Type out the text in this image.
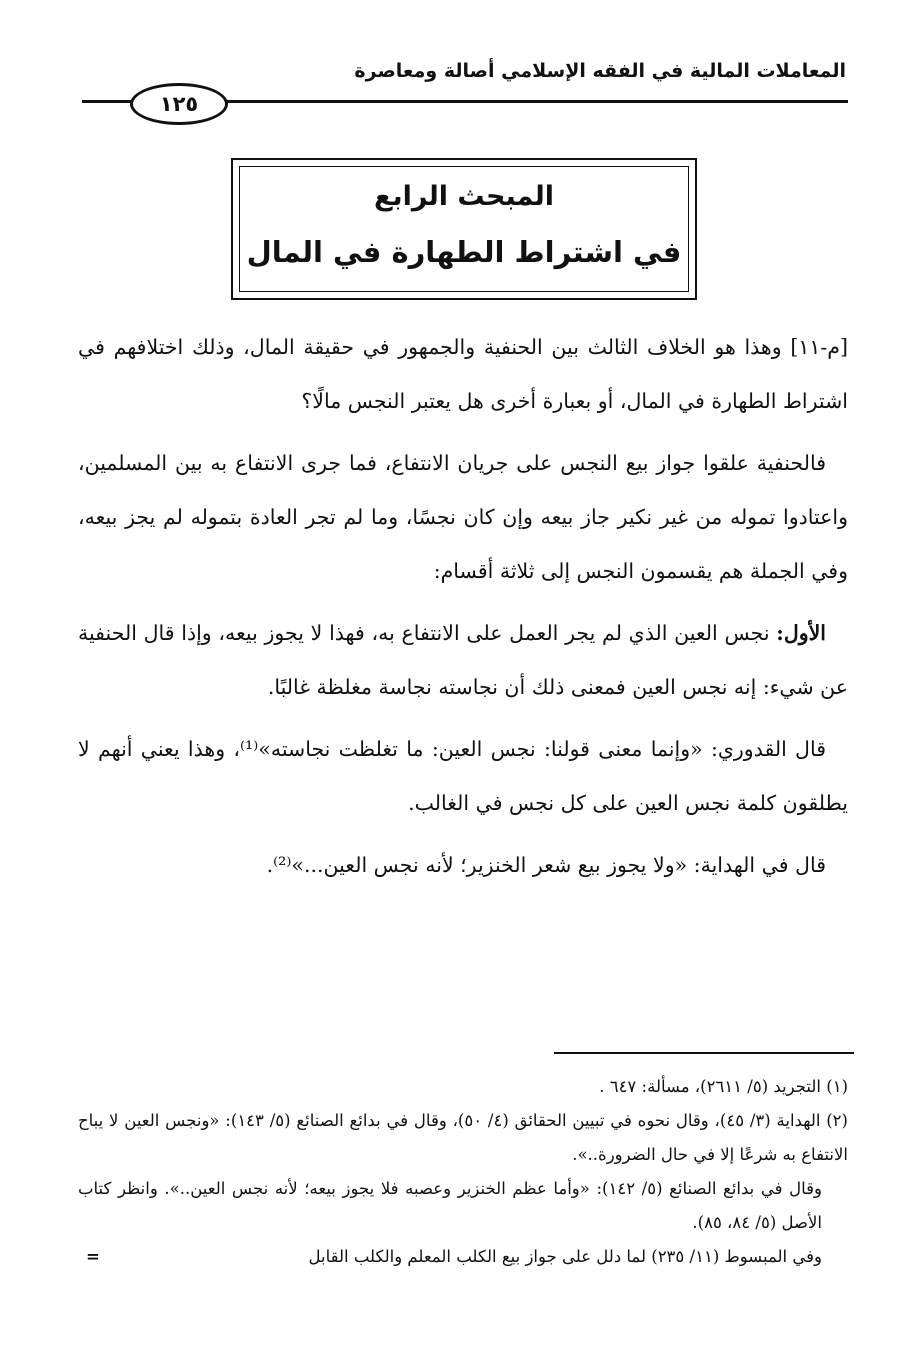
المعاملات المالية في الفقه الإسلامي أصالة ومعاصرة
١٢٥
المبحث الرابع
في اشتراط الطهارة في المال

[م-١١] وهذا هو الخلاف الثالث بين الحنفية والجمهور في حقيقة المال، وذلك اختلافهم في اشتراط الطهارة في المال، أو بعبارة أخرى هل يعتبر النجس مالًا؟

فالحنفية علقوا جواز بيع النجس على جريان الانتفاع، فما جرى الانتفاع به بين المسلمين، واعتادوا تموله من غير نكير جاز بيعه وإن كان نجسًا، وما لم تجر العادة بتموله لم يجز بيعه، وفي الجملة هم يقسمون النجس إلى ثلاثة أقسام:

الأول: نجس العين الذي لم يجر العمل على الانتفاع به، فهذا لا يجوز بيعه، وإذا قال الحنفية عن شيء: إنه نجس العين فمعنى ذلك أن نجاسته نجاسة مغلظة غالبًا.

قال القدوري: «وإنما معنى قولنا: نجس العين: ما تغلظت نجاسته»⁽¹⁾، وهذا يعني أنهم لا يطلقون كلمة نجس العين على كل نجس في الغالب.

قال في الهداية: «ولا يجوز بيع شعر الخنزير؛ لأنه نجس العين...»⁽²⁾.

(١) التجريد (٥/ ٢٦١١)، مسألة: ٦٤٧ .

(٢) الهداية (٣/ ٤٥)، وقال نحوه في تبيين الحقائق (٤/ ٥٠)، وقال في بدائع الصنائع (٥/ ١٤٣): «ونجس العين لا يباح الانتفاع به شرعًا إلا في حال الضرورة..».

وقال في بدائع الصنائع (٥/ ١٤٢): «وأما عظم الخنزير وعصبه فلا يجوز بيعه؛ لأنه نجس العين..». وانظر كتاب الأصل (٥/ ٨٤، ٨٥).

=	وفي المبسوط (١١/ ٢٣٥) لما دلل على جواز بيع الكلب المعلم والكلب القابل
